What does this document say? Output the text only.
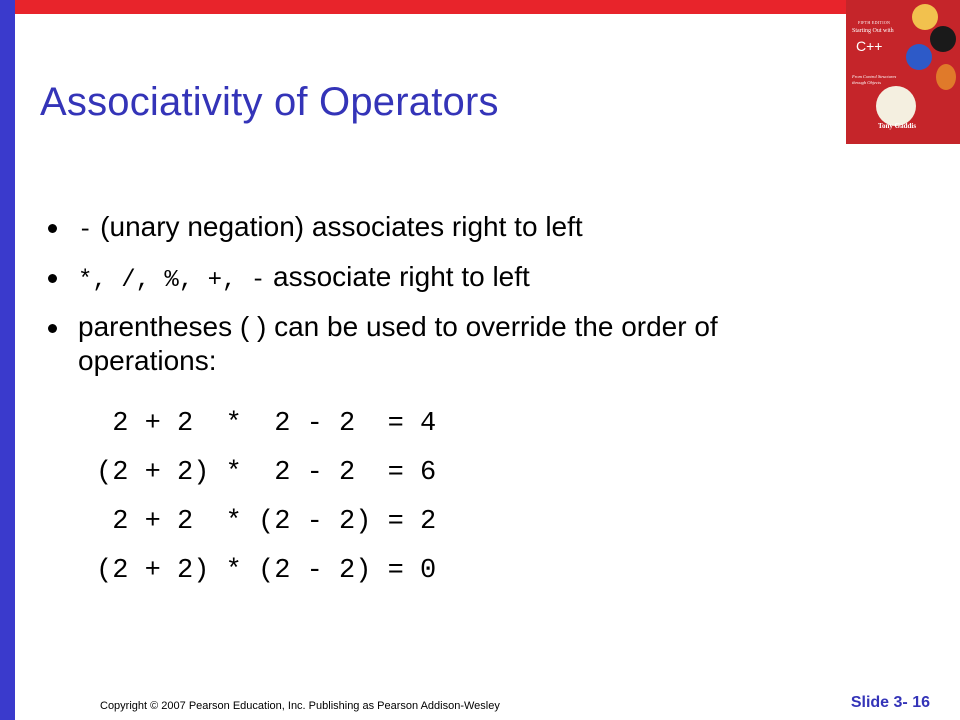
FIFTH EDITION
Starting Out with
C++
From Control Structures
through Objects
Tony Gaddis
Associativity of Operators
- (unary negation) associates right to left
*, /, %, +, - associate right to left
parentheses ( ) can be used to override the order of operations:
2 + 2  *  2 - 2  = 4
(2 + 2) *  2 - 2  = 6
2 + 2  * (2 - 2) = 2
(2 + 2) * (2 - 2) = 0
Copyright © 2007 Pearson Education, Inc. Publishing as Pearson Addison-Wesley	Slide 3- 16
